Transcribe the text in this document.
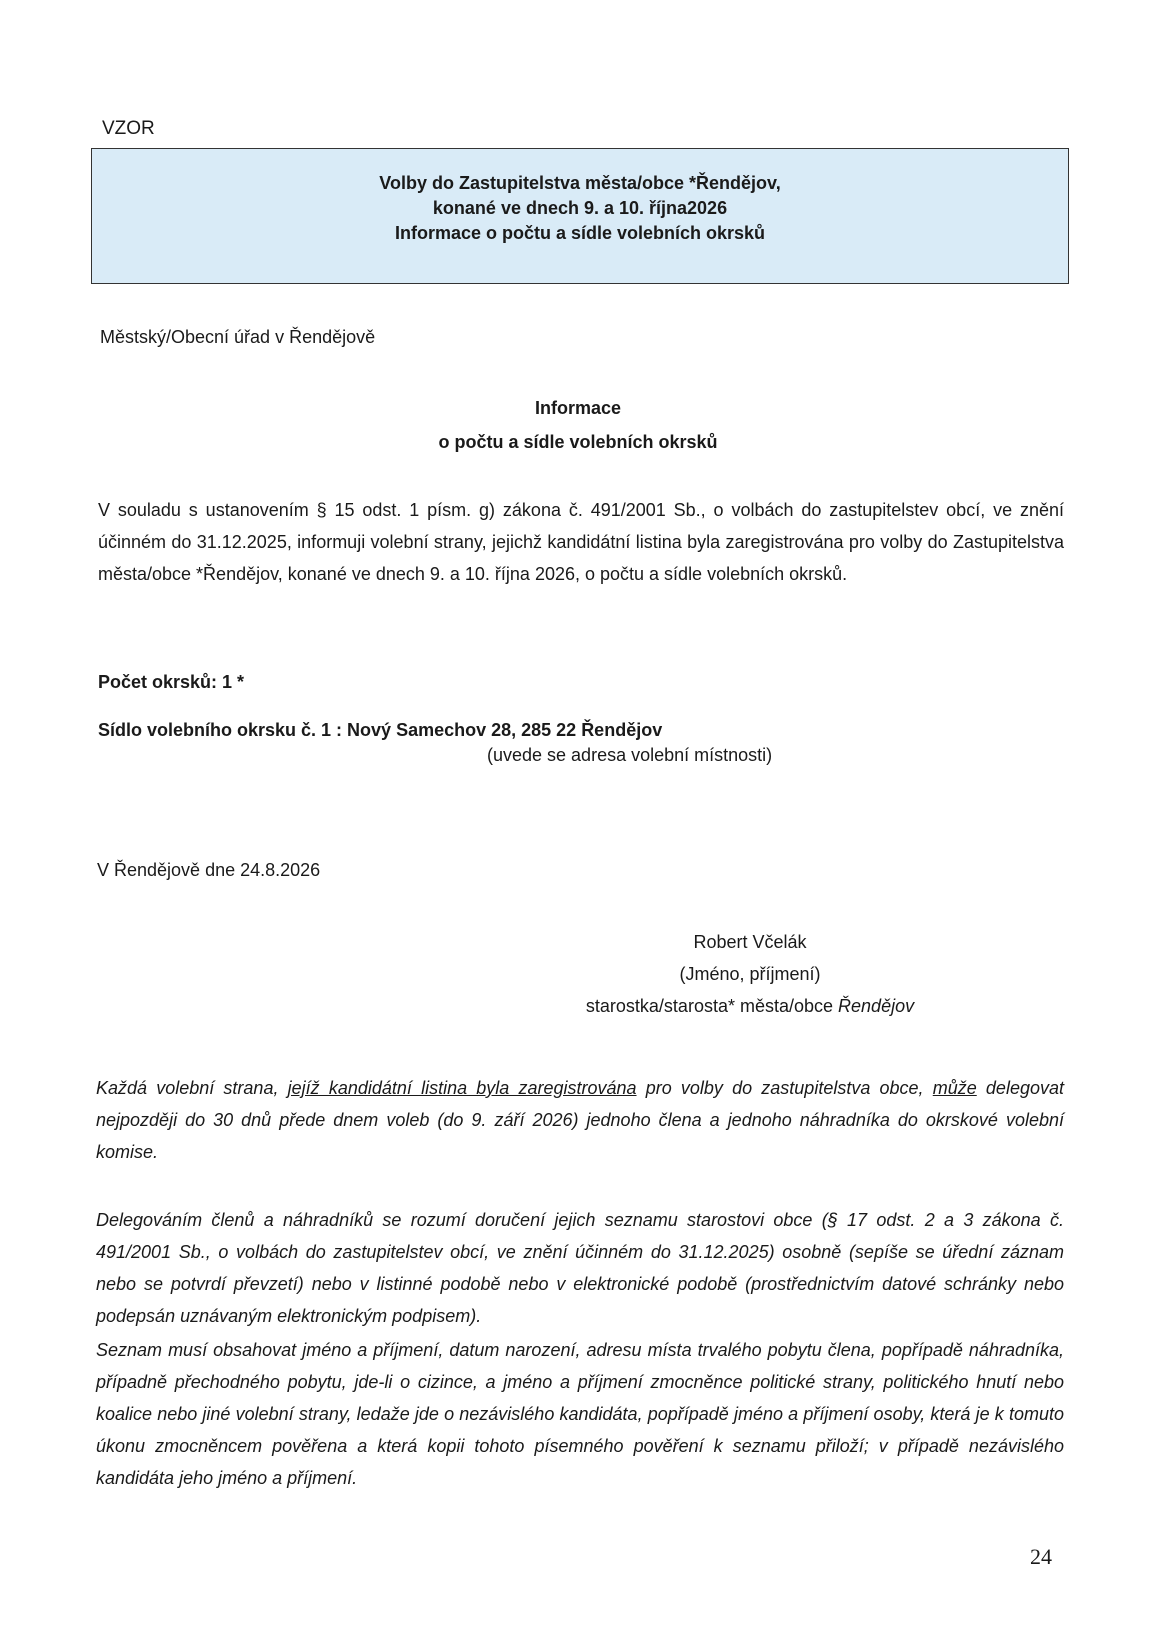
VZOR
Volby do Zastupitelstva města/obce *Řendějov,
konané ve dnech 9. a 10. října2026
Informace o počtu a sídle volebních okrsků
Městský/Obecní úřad v Řendějově
Informace
o počtu a sídle volebních okrsků
V souladu s ustanovením § 15 odst. 1 písm. g) zákona č. 491/2001 Sb., o volbách do zastupitelstev obcí, ve znění účinném do 31.12.2025, informuji volební strany, jejichž kandidátní listina byla zaregistrována pro volby do Zastupitelstva města/obce *Řendějov, konané ve dnech 9. a 10. října 2026, o počtu a sídle volebních okrsků.
Počet okrsků: 1 *
Sídlo volebního okrsku č. 1 : Nový Samechov 28, 285 22 Řendějov
(uvede se adresa volební místnosti)
V Řendějově dne 24.8.2026
Robert Včelák
(Jméno, příjmení)
starostka/starosta* města/obce Řendějov
Každá volební strana, jejíž kandidátní listina byla zaregistrována pro volby do zastupitelstva obce, může delegovat nejpozději do 30 dnů přede dnem voleb (do 9. září 2026) jednoho člena a jednoho náhradníka do okrskové volební komise.
Delegováním členů a náhradníků se rozumí doručení jejich seznamu starostovi obce (§ 17 odst. 2 a 3 zákona č. 491/2001 Sb., o volbách do zastupitelstev obcí, ve znění účinném do 31.12.2025) osobně (sepíše se úřední záznam nebo se potvrdí převzetí) nebo v listinné podobě nebo v elektronické podobě (prostřednictvím datové schránky nebo podepsán uznávaným elektronickým podpisem).
Seznam musí obsahovat jméno a příjmení, datum narození, adresu místa trvalého pobytu člena, popřípadě náhradníka, případně přechodného pobytu, jde-li o cizince, a jméno a příjmení zmocněnce politické strany, politického hnutí nebo koalice nebo jiné volební strany, ledaže jde o nezávislého kandidáta, popřípadě jméno a příjmení osoby, která je k tomuto úkonu zmocněncem pověřena a která kopii tohoto písemného pověření k seznamu přiloží; v případě nezávislého kandidáta jeho jméno a příjmení.
24
